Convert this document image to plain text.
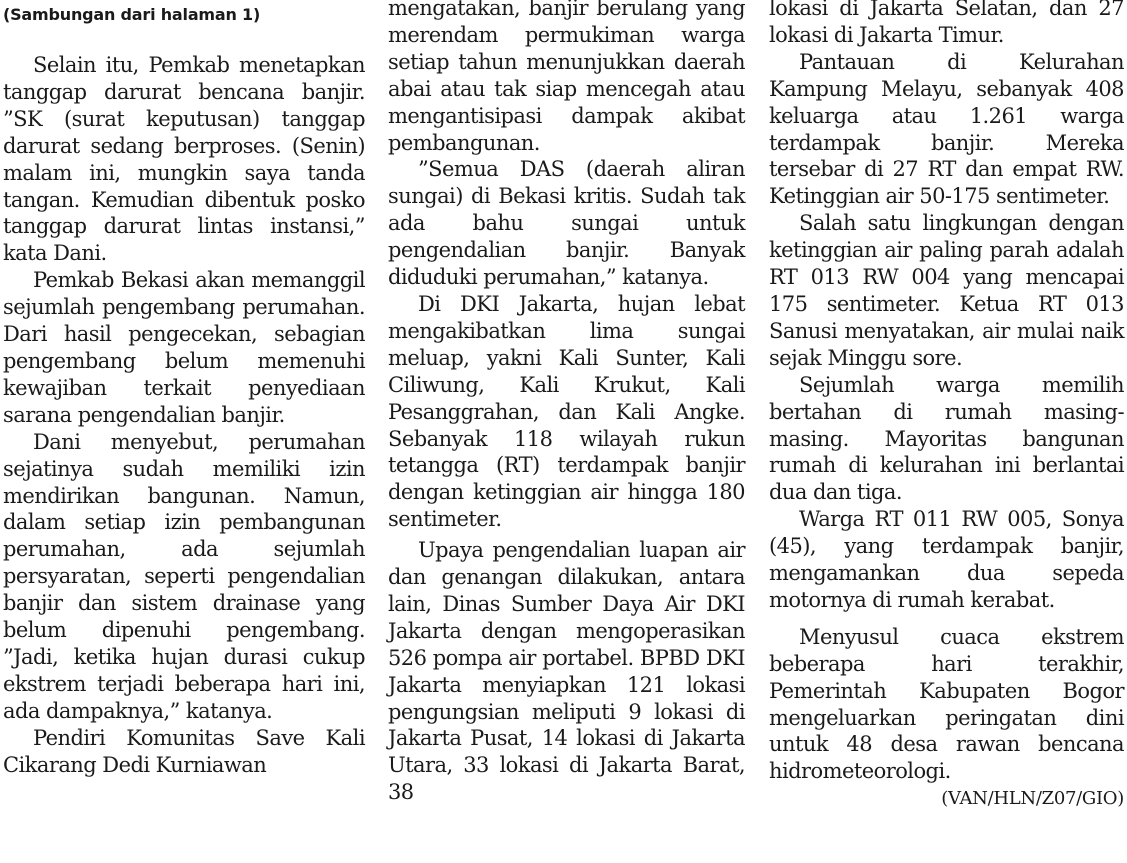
(Sambungan dari halaman 1)

Selain itu, Pemkab menetapkan tanggap darurat bencana banjir. ”SK (surat keputusan) tanggap darurat sedang berproses. (Senin) malam ini, mungkin saya tanda tangan. Kemudian dibentuk posko tanggap darurat lintas instansi,” kata Dani.

Pemkab Bekasi akan memanggil sejumlah pengembang perumahan. Dari hasil pengecekan, sebagian pengembang belum memenuhi kewajiban terkait penyediaan sarana pengendalian banjir.

Dani menyebut, perumahan sejatinya sudah memiliki izin mendirikan bangunan. Namun, dalam setiap izin pembangunan perumahan, ada sejumlah persyaratan, seperti pengendalian banjir dan sistem drainase yang belum dipenuhi pengembang. ”Jadi, ketika hujan durasi cukup ekstrem terjadi beberapa hari ini, ada dampaknya,” katanya.

Pendiri Komunitas Save Kali Cikarang Dedi Kurniawan

mengatakan, banjir berulang yang merendam permukiman warga setiap tahun menunjukkan daerah abai atau tak siap mencegah atau mengantisipasi dampak akibat pembangunan.

”Semua DAS (daerah aliran sungai) di Bekasi kritis. Sudah tak ada bahu sungai untuk pengendalian banjir. Banyak diduduki perumahan,” katanya.

Di DKI Jakarta, hujan lebat mengakibatkan lima sungai meluap, yakni Kali Sunter, Kali Ciliwung, Kali Krukut, Kali Pesanggrahan, dan Kali Angke. Sebanyak 118 wilayah rukun tetangga (RT) terdampak banjir dengan ketinggian air hingga 180 sentimeter.

Upaya pengendalian luapan air dan genangan dilakukan, antara lain, Dinas Sumber Daya Air DKI Jakarta dengan mengoperasikan 526 pompa air portabel. BPBD DKI Jakarta menyiapkan 121 lokasi pengungsian meliputi 9 lokasi di Jakarta Pusat, 14 lokasi di Jakarta Utara, 33 lokasi di Jakarta Barat, 38

lokasi di Jakarta Selatan, dan 27 lokasi di Jakarta Timur.

Pantauan di Kelurahan Kampung Melayu, sebanyak 408 keluarga atau 1.261 warga terdampak banjir. Mereka tersebar di 27 RT dan empat RW. Ketinggian air 50-175 sentimeter.

Salah satu lingkungan dengan ketinggian air paling parah adalah RT 013 RW 004 yang mencapai 175 sentimeter. Ketua RT 013 Sanusi menyatakan, air mulai naik sejak Minggu sore.

Sejumlah warga memilih bertahan di rumah masing-masing. Mayoritas bangunan rumah di kelurahan ini berlantai dua dan tiga.

Warga RT 011 RW 005, Sonya (45), yang terdampak banjir, mengamankan dua sepeda motornya di rumah kerabat.

Menyusul cuaca ekstrem beberapa hari terakhir, Pemerintah Kabupaten Bogor mengeluarkan peringatan dini untuk 48 desa rawan bencana hidrometeorologi.

(VAN/HLN/Z07/GIO)
